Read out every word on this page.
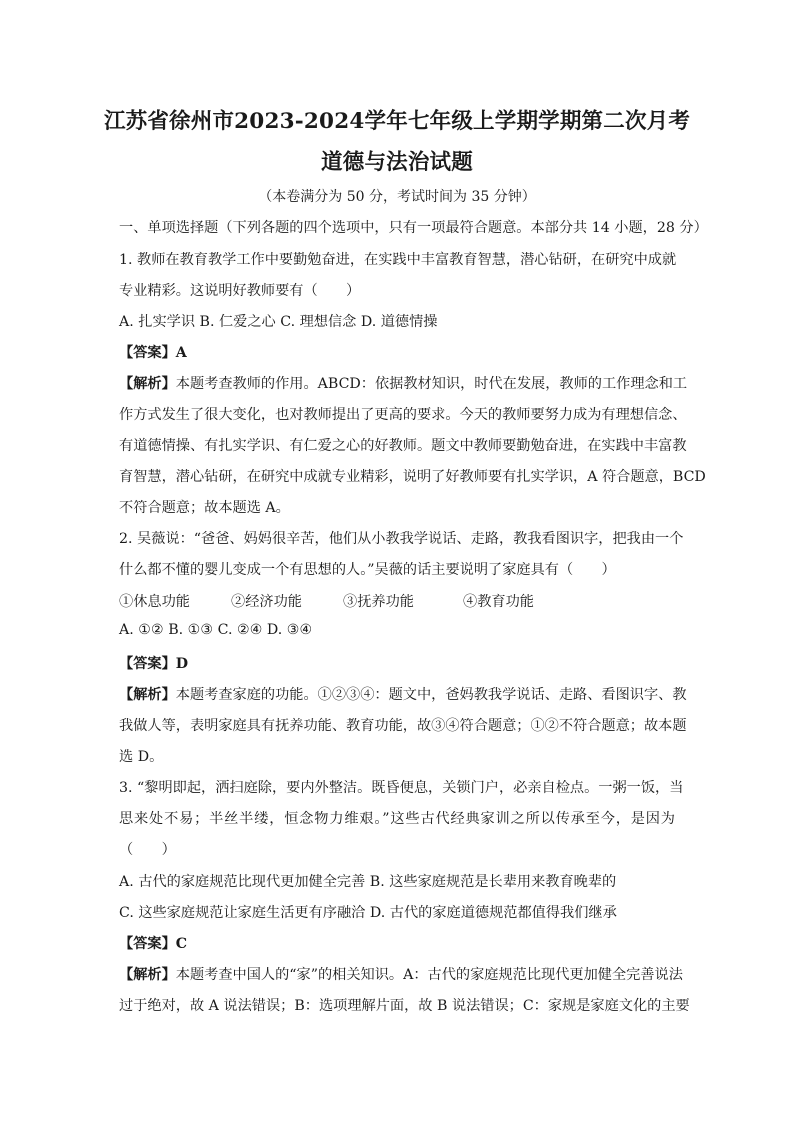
江苏省徐州市2023-2024学年七年级上学期学期第二次月考
道德与法治试题
（本卷满分为 50 分，考试时间为 35 分钟）
一、单项选择题（下列各题的四个选项中，只有一项最符合题意。本部分共 14 小题，28 分）
1. 教师在教育教学工作中要勤勉奋进，在实践中丰富教育智慧，潜心钻研，在研究中成就
专业精彩。这说明好教师要有（　　）
A. 扎实学识 B. 仁爱之心 C. 理想信念 D. 道德情操
【答案】A
【解析】本题考查教师的作用。ABCD：依据教材知识，时代在发展，教师的工作理念和工
作方式发生了很大变化，也对教师提出了更高的要求。今天的教师要努力成为有理想信念、
有道德情操、有扎实学识、有仁爱之心的好教师。题文中教师要勤勉奋进，在实践中丰富教
育智慧，潜心钻研，在研究中成就专业精彩，说明了好教师要有扎实学识，A 符合题意，BCD
不符合题意；故本题选 A。
2. 吴薇说：“爸爸、妈妈很辛苦，他们从小教我学说话、走路，教我看图识字，把我由一个
什么都不懂的婴儿变成一个有思想的人。”吴薇的话主要说明了家庭具有（　　）
①休息功能	②经济功能	③抚养功能	④教育功能
A. ①② B. ①③ C. ②④ D. ③④
【答案】D
【解析】本题考查家庭的功能。①②③④：题文中，爸妈教我学说话、走路、看图识字、教
我做人等，表明家庭具有抚养功能、教育功能，故③④符合题意；①②不符合题意；故本题
选 D。
3. “黎明即起，洒扫庭除，要内外整洁。既昏便息，关锁门户，必亲自检点。一粥一饭，当
思来处不易；半丝半缕，恒念物力维艰。”这些古代经典家训之所以传承至今，是因为
（　　）
A. 古代的家庭规范比现代更加健全完善 B. 这些家庭规范是长辈用来教育晚辈的
C. 这些家庭规范让家庭生活更有序融洽 D. 古代的家庭道德规范都值得我们继承
【答案】C
【解析】本题考查中国人的“家”的相关知识。A：古代的家庭规范比现代更加健全完善说法
过于绝对，故 A 说法错误；B：选项理解片面，故 B 说法错误；C：家规是家庭文化的主要
